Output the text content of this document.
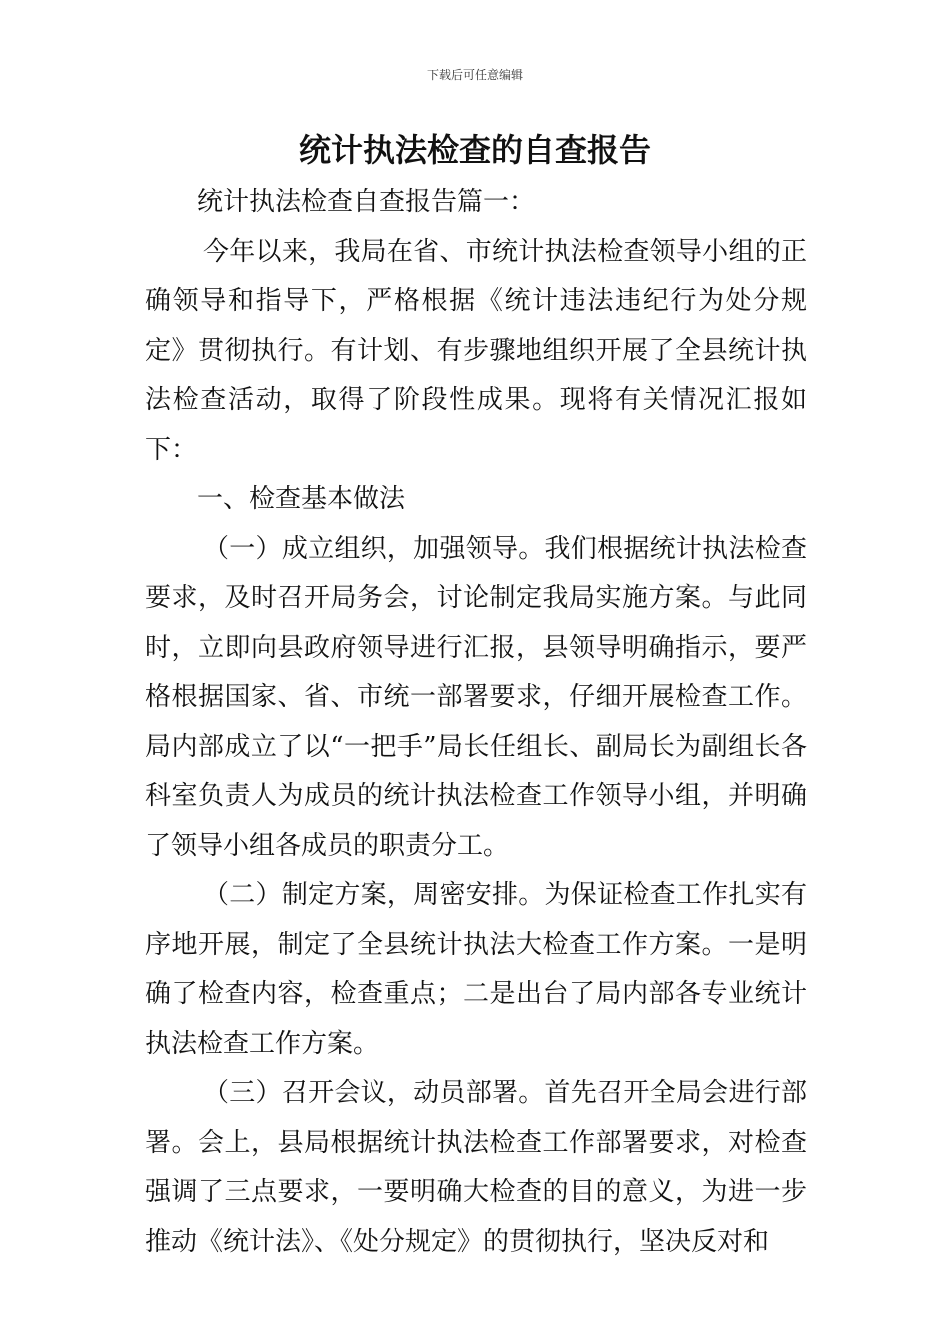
下载后可任意编辑
统计执法检查的自查报告

统计执法检查自查报告篇一：

今年以来，我局在省、市统计执法检查领导小组的正确领导和指导下，严格根据《统计违法违纪行为处分规定》贯彻执行。有计划、有步骤地组织开展了全县统计执法检查活动，取得了阶段性成果。现将有关情况汇报如下：

一、检查基本做法

（一）成立组织，加强领导。我们根据统计执法检查要求，及时召开局务会，讨论制定我局实施方案。与此同时，立即向县政府领导进行汇报，县领导明确指示，要严格根据国家、省、市统一部署要求，仔细开展检查工作。局内部成立了以“一把手”局长任组长、副局长为副组长各科室负责人为成员的统计执法检查工作领导小组，并明确了领导小组各成员的职责分工。

（二）制定方案，周密安排。为保证检查工作扎实有序地开展，制定了全县统计执法大检查工作方案。一是明确了检查内容，检查重点；二是出台了局内部各专业统计执法检查工作方案。

（三）召开会议，动员部署。首先召开全局会进行部署。会上，县局根据统计执法检查工作部署要求，对检查强调了三点要求，一要明确大检查的目的意义，为进一步推动《统计法》、《处分规定》的贯彻执行，坚决反对和
